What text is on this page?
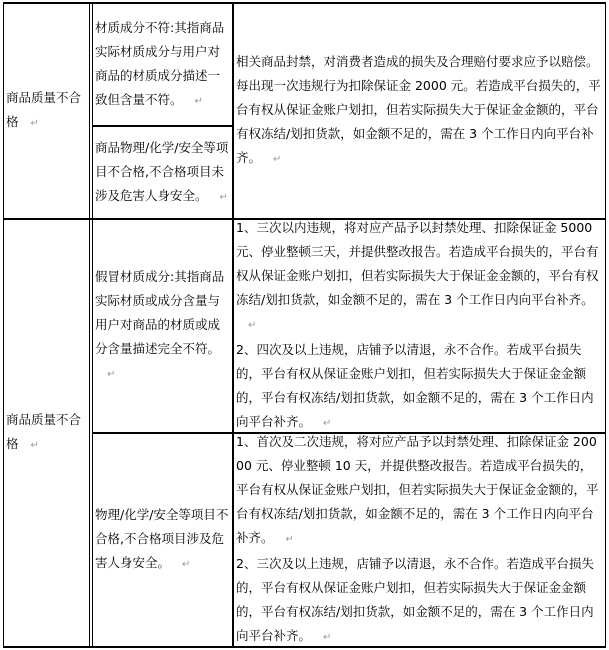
商品质量不合格 ↵

材质成分不符:其指商品实际材质成分与用户对商品的材质成分描述一致但含量不符。 ↵

商品物理/化学/安全等项目不合格,不合格项目未涉及危害人身安全。 ↵

相关商品封禁，对消费者造成的损失及合理赔付要求应予以赔偿。每出现一次违规行为扣除保证金 2000 元。若造成平台损失的，平台有权从保证金账户划扣，但若实际损失大于保证金金额的，平台有权冻结/划扣货款，如金额不足的，需在 3 个工作日内向平台补齐。 ↵

商品质量不合格 ↵

假冒材质成分:其指商品实际材质或成分含量与用户对商品的材质或成分含量描述完全不符。↵

1、三次以内违规，将对应产品予以封禁处理、扣除保证金 5000 元、停业整顿三天，并提供整改报告。若造成平台损失的，平台有权从保证金账户划扣，但若实际损失大于保证金金额的，平台有权冻结/划扣货款，如金额不足的，需在 3 个工作日内向平台补齐。↵

2、四次及以上违规，店铺予以清退，永不合作。若成平台损失的，平台有权从保证金账户划扣，但若实际损失大于保证金金额的，平台有权冻结/划扣货款，如金额不足的，需在 3 个工作日内向平台补齐。 ↵

物理/化学/安全等项目不合格,不合格项目涉及危害人身安全。 ↵

1、首次及二次违规，将对应产品予以封禁处理、扣除保证金 20000 元、停业整顿 10 天，并提供整改报告。若造成平台损失的，平台有权从保证金账户划扣，但若实际损失大于保证金金额的，平台有权冻结/划扣货款，如金额不足的，需在 3 个工作日内向平台补齐。 ↵

2、三次及以上违规，店铺予以清退，永不合作。若造成平台损失的，平台有权从保证金账户划扣，但若实际损失大于保证金金额的，平台有权冻结/划扣货款，如金额不足的，需在 3 个工作日内向平台补齐。 ↵
